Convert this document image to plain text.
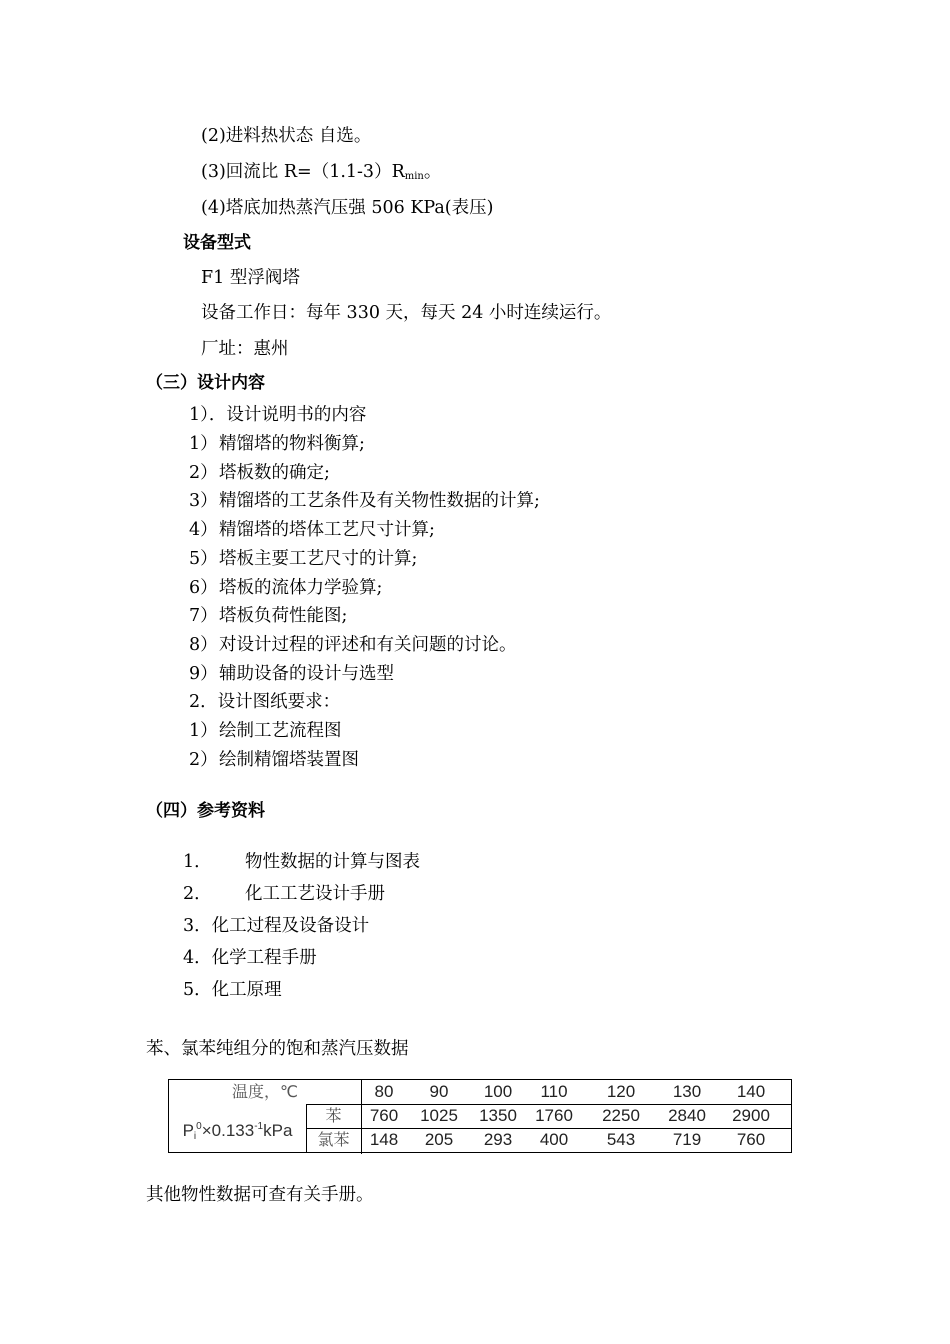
(2)进料热状态 自选。
(3)回流比 $R=(1.1-3)R_{min}$。
(4)塔底加热蒸汽压强 506 KPa(表压)
设备型式
F1 型浮阀塔
设备工作日：每年 330 天，每天 24 小时连续运行。
厂址：惠州
（三）设计内容
1）．设计说明书的内容
1）精馏塔的物料衡算;
2）塔板数的确定;
3）精馏塔的工艺条件及有关物性数据的计算;
4）精馏塔的塔体工艺尺寸计算;
5）塔板主要工艺尺寸的计算;
6）塔板的流体力学验算;
7）塔板负荷性能图;
8）对设计过程的评述和有关问题的讨论。
9）辅助设备的设计与选型
2．设计图纸要求：
1）绘制工艺流程图
2）绘制精馏塔装置图
（四）参考资料
1． 物性数据的计算与图表
2． 化工工艺设计手册
3．化工过程及设备设计
4．化学工程手册
5．化工原理
苯、氯苯纯组分的饱和蒸汽压数据
温度，℃	80	90	100	110	120	130	140
$P_i^0\times 0.133^{-1}kPa$
苯	760	1025	1350	1760	2250	2840	2900
氯苯	148	205	293	400	543	719	760
其他物性数据可查有关手册。
